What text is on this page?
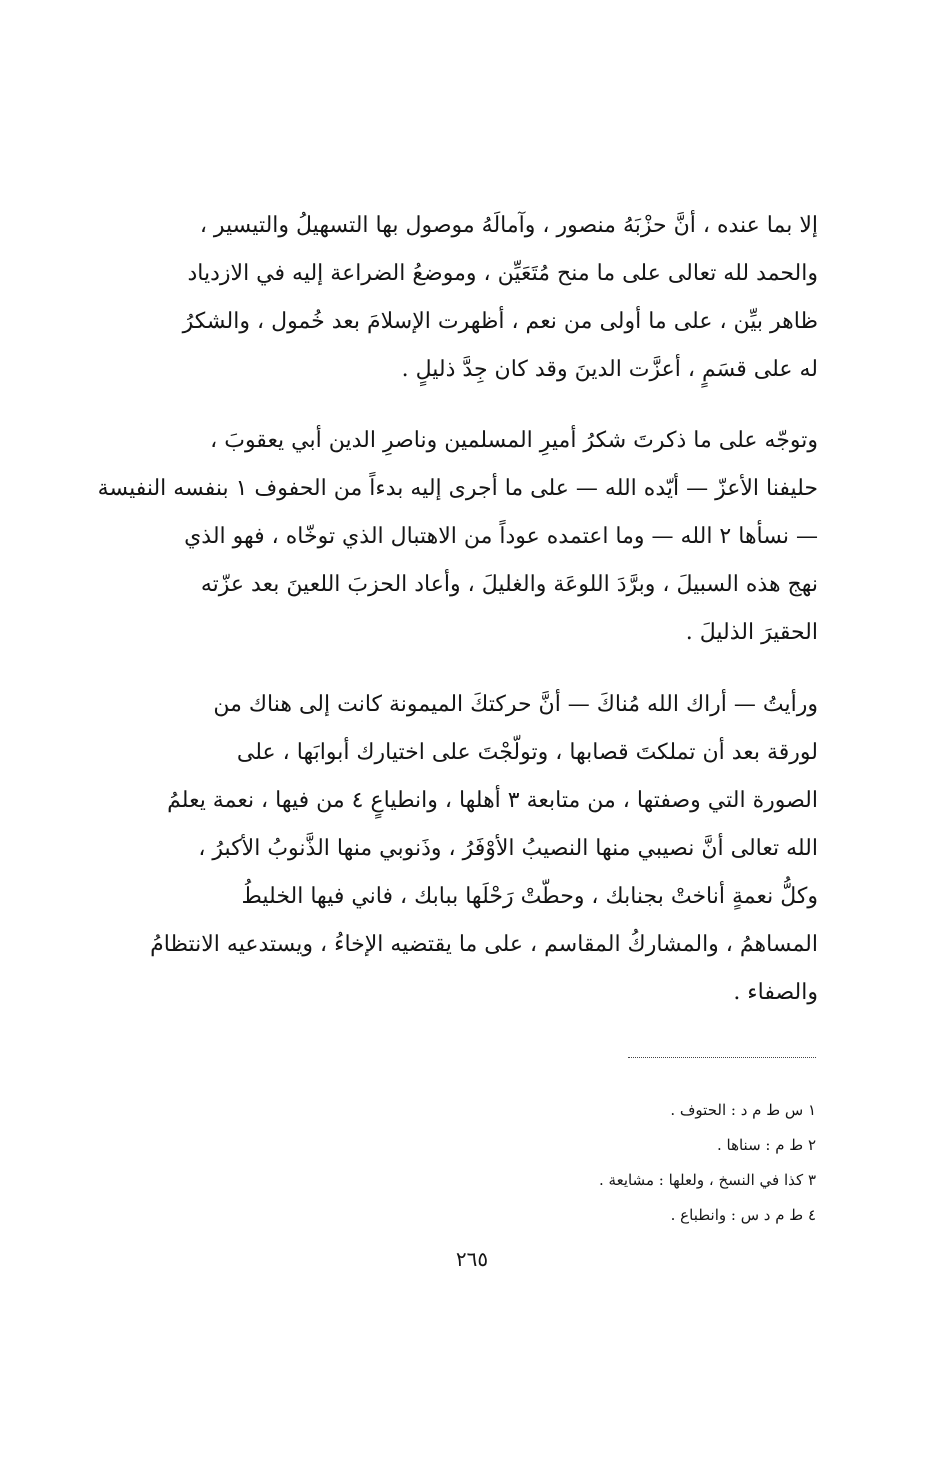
إلا بما عنده ، أنَّ حزْبَهُ منصور ، وآمالَهُ موصول بها التسهيلُ والتيسير ،
والحمد لله تعالى على ما منح مُتَعَيِّن ، وموضعُ الضراعة إليه في الازدياد
ظاهر بيِّن ، على ما أولى من نعم ، أظهرت الإسلامَ بعد خُمول ، والشكرُ
له على قسَمٍ ، أعزَّت الدينَ وقد كان جِدَّ ذليلٍ .
وتوجّه على ما ذكرتَ شكرُ أميرِ المسلمين وناصرِ الدين أبي يعقوبَ ،
حليفنا الأعزّ — أيّده الله — على ما أجرى إليه بدءاً من الحفوف ١ بنفسه النفيسة
— نسأها ٢ الله — وما اعتمده عوداً من الاهتبال الذي توخّاه ، فهو الذي
نهج هذه السبيلَ ، وبرَّدَ اللوعَة والغليلَ ، وأعاد الحزبَ اللعينَ بعد عزّته
الحقيرَ الذليلَ .
ورأيتُ — أراك الله مُناكَ — أنَّ حركتكَ الميمونة كانت إلى هناك من
لورقة بعد أن تملكتَ قصابها ، وتولّجْتَ على اختيارك أبوابَها ، على
الصورة التي وصفتها ، من متابعة ٣ أهلها ، وانطياعٍ ٤ من فيها ، نعمة يعلمُ
الله تعالى أنَّ نصيبي منها النصيبُ الأوْفَرُ ، وذَنوبي منها الذَّنوبُ الأكبرُ ،
وكلُّ نعمةٍ أناختْ بجنابك ، وحطّتْ رَحْلَها ببابك ، فاني فيها الخليطُ
المساهمُ ، والمشاركُ المقاسم ، على ما يقتضيه الإخاءُ ، ويستدعيه الانتظامُ
والصفاء .
١ س ط م د : الحتوف .
٢ ط م : سناها .
٣ كذا في النسخ ، ولعلها : مشايعة .
٤ ط م د س : وانطباع .
٢٦٥
